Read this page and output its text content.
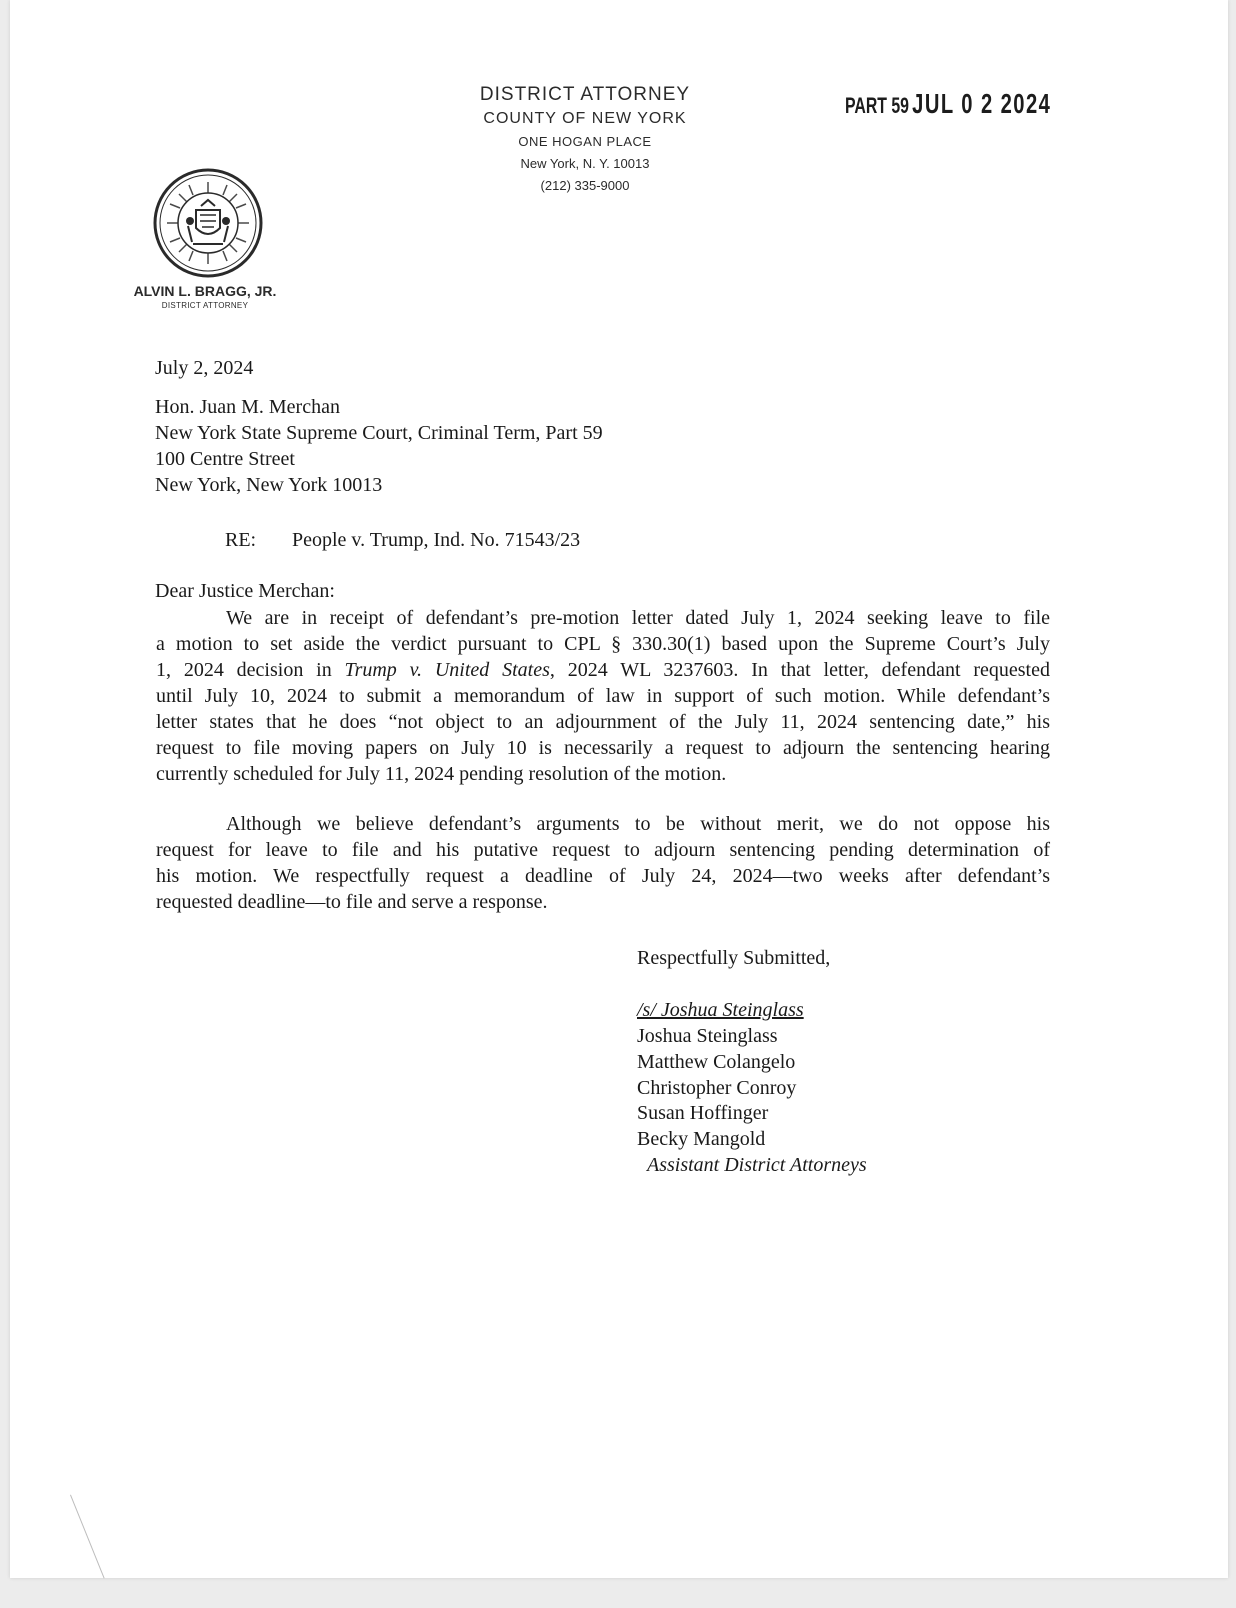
DISTRICT ATTORNEY
COUNTY OF NEW YORK
ONE HOGAN PLACE
New York, N. Y. 10013
(212) 335-9000
PART 59 JUL 0 2 2024
ALVIN L. BRAGG, JR.
DISTRICT ATTORNEY
July 2, 2024
Hon. Juan M. Merchan
New York State Supreme Court, Criminal Term, Part 59
100 Centre Street
New York, New York 10013
RE: People v. Trump, Ind. No. 71543/23
Dear Justice Merchan:
We are in receipt of defendant’s pre-motion letter dated July 1, 2024 seeking leave to file
a motion to set aside the verdict pursuant to CPL § 330.30(1) based upon the Supreme Court’s July
1, 2024 decision in Trump v. United States, 2024 WL 3237603. In that letter, defendant requested
until July 10, 2024 to submit a memorandum of law in support of such motion. While defendant’s
letter states that he does “not object to an adjournment of the July 11, 2024 sentencing date,” his
request to file moving papers on July 10 is necessarily a request to adjourn the sentencing hearing
currently scheduled for July 11, 2024 pending resolution of the motion.
Although we believe defendant’s arguments to be without merit, we do not oppose his
request for leave to file and his putative request to adjourn sentencing pending determination of
his motion. We respectfully request a deadline of July 24, 2024—two weeks after defendant’s
requested deadline—to file and serve a response.
Respectfully Submitted,
/s/ Joshua Steinglass
Joshua Steinglass
Matthew Colangelo
Christopher Conroy
Susan Hoffinger
Becky Mangold
Assistant District Attorneys
